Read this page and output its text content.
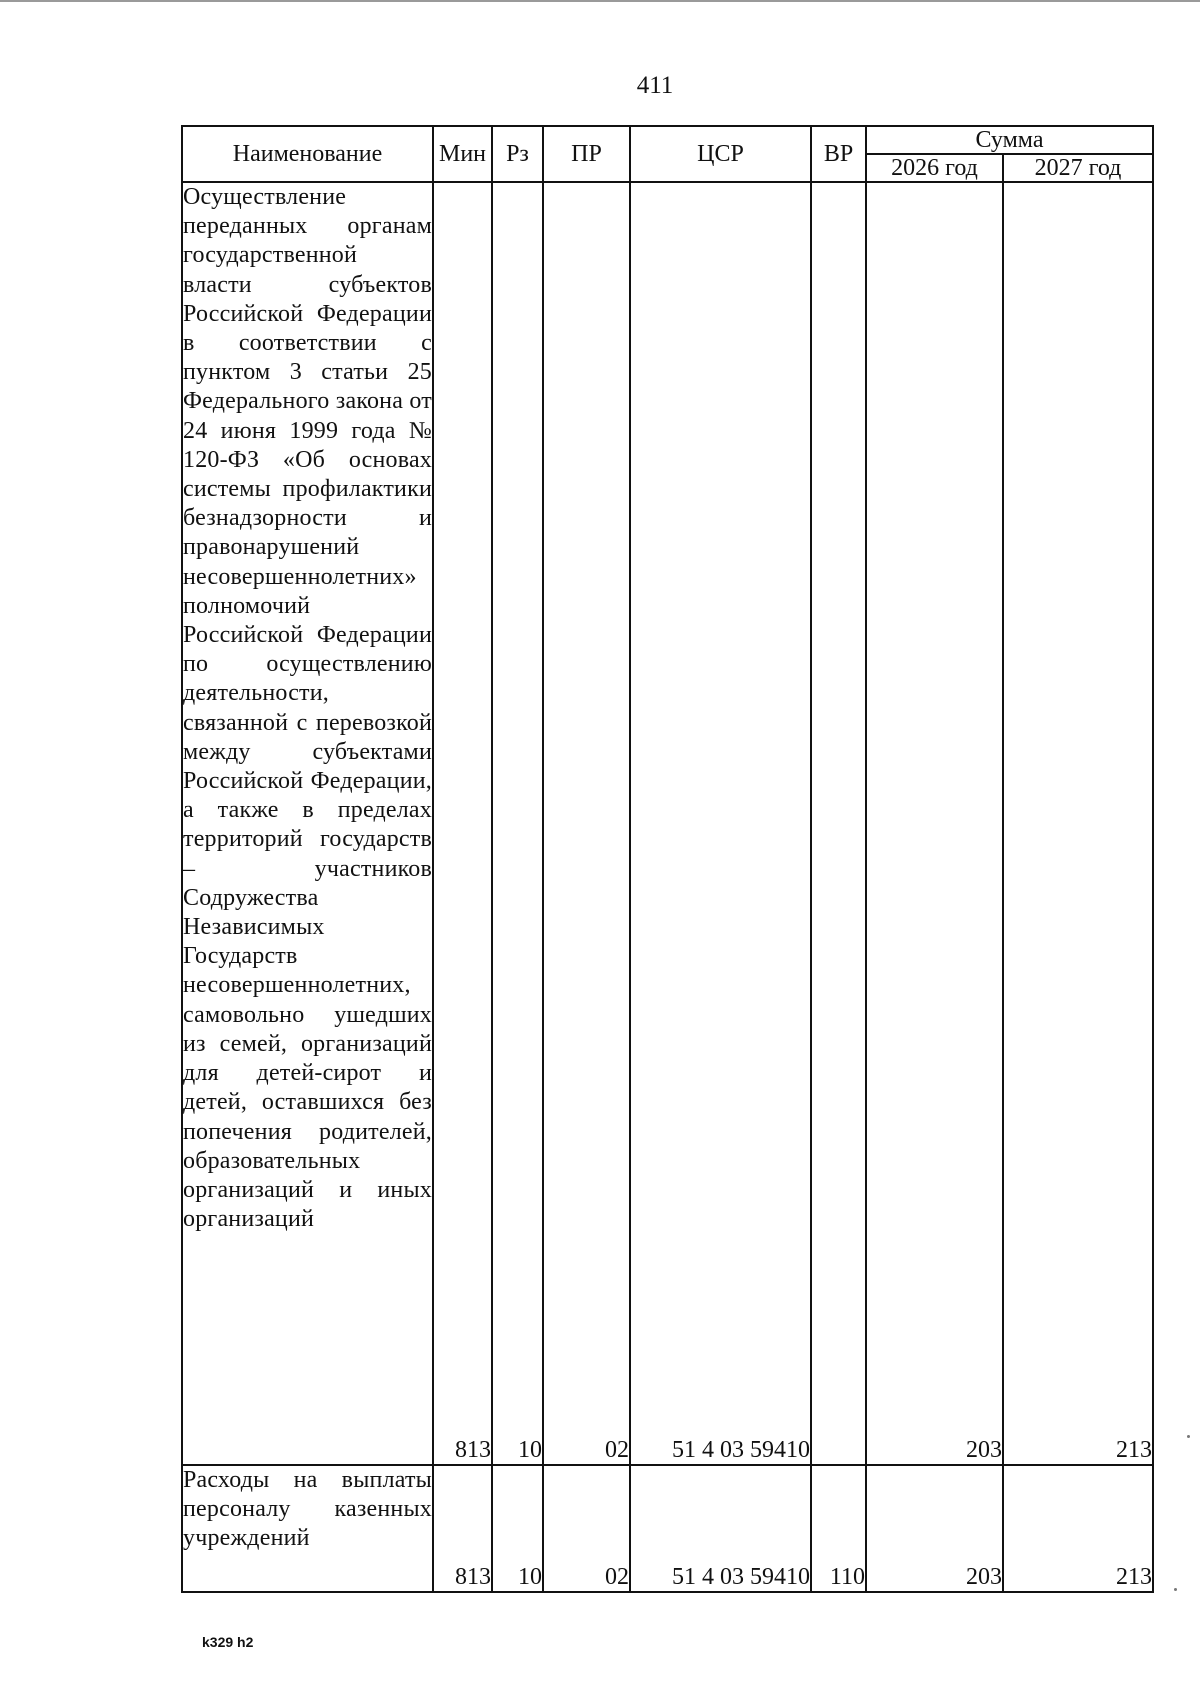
411
Наименование	Мин	Рз	ПР	ЦСР	ВР	Сумма	
						2026 год	2027 год
Осуществление переданных органам государственной власти субъектов Российской Федерации в соответствии с пунктом 3 статьи 25 Федерального закона от 24 июня 1999 года № 120-ФЗ «Об основах системы профилактики безнадзорности и правонарушений несовершеннолетних» полномочий Российской Федерации по осуществлению деятельности, связанной с перевозкой между субъектами Российской Федерации, а также в пределах территорий государств – участников Содружества Независимых Государств несовершеннолетних, самовольно ушедших из семей, организаций для детей-сирот и детей, оставшихся без попечения родителей, образовательных организаций и иных организаций	813	10	02	51 4 03 59410		203	213
Расходы на выплаты персоналу казенных учреждений	813	10	02	51 4 03 59410	110	203	213
k329 h2
